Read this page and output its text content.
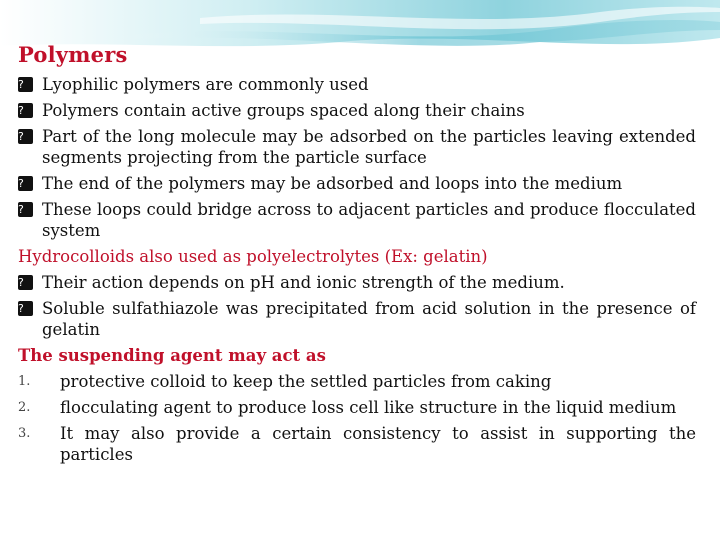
Polymers
?	Lyophilic polymers are commonly used
?	Polymers contain active groups spaced along their chains
?	Part of the long molecule may be adsorbed on the particles leaving extended segments projecting from the particle surface
?	The end of the polymers may be adsorbed and loops into the medium
?	These loops could bridge across to adjacent particles and produce flocculated system
Hydrocolloids also used as polyelectrolytes (Ex: gelatin)
?	Their action depends on pH and ionic strength of the medium.
?	Soluble sulfathiazole was precipitated from acid solution in the presence of gelatin
The suspending agent may act as
1. protective colloid to keep the settled particles from caking
2. flocculating agent to produce loss cell like structure in the liquid medium
3. It may also provide a certain consistency to assist in supporting the particles
